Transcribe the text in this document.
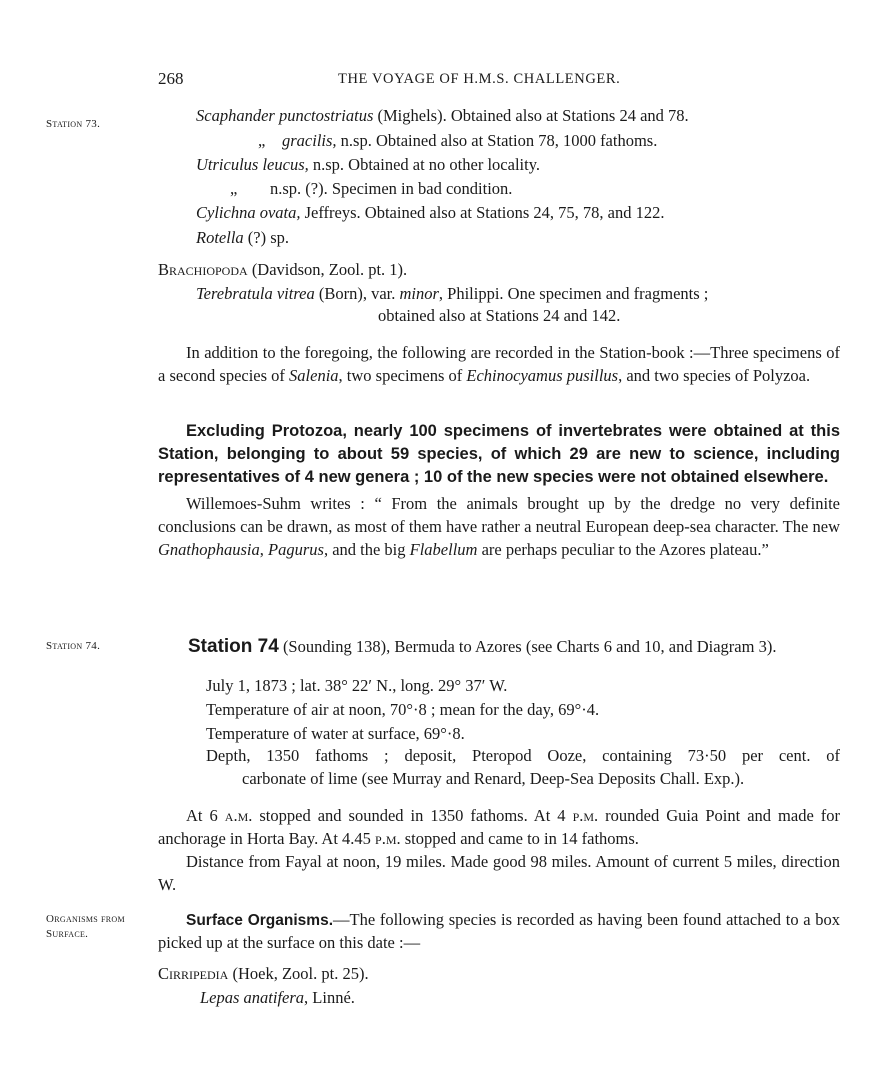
268	THE VOYAGE OF H.M.S. CHALLENGER.
Station 73.
Station 74.
Organisms from
Surface.
Scaphander punctostriatus (Mighels). Obtained also at Stations 24 and 78.
„ gracilis, n.sp. Obtained also at Station 78, 1000 fathoms.
Utriculus leucus, n.sp. Obtained at no other locality.
„ n.sp. (?). Specimen in bad condition.
Cylichna ovata, Jeffreys. Obtained also at Stations 24, 75, 78, and 122.
Rotella (?) sp.
Brachiopoda (Davidson, Zool. pt. 1).
Terebratula vitrea (Born), var. minor, Philippi. One specimen and fragments ;
obtained also at Stations 24 and 142.

In addition to the foregoing, the following are recorded in the Station-book :—Three specimens of a second species of Salenia, two specimens of Echinocyamus pusillus, and two species of Polyzoa.

Excluding Protozoa, nearly 100 specimens of invertebrates were obtained at this Station, belonging to about 59 species, of which 29 are new to science, including representatives of 4 new genera ; 10 of the new species were not obtained elsewhere.

Willemoes-Suhm writes : “ From the animals brought up by the dredge no very definite conclusions can be drawn, as most of them have rather a neutral European deep-sea character. The new Gnathophausia, Pagurus, and the big Flabellum are perhaps peculiar to the Azores plateau.”

Station 74 (Sounding 138), Bermuda to Azores (see Charts 6 and 10, and Diagram 3).
July 1, 1873 ; lat. 38° 22′ N., long. 29° 37′ W.
Temperature of air at noon, 70°·8 ; mean for the day, 69°·4.
Temperature of water at surface, 69°·8.
Depth, 1350 fathoms ; deposit, Pteropod Ooze, containing 73·50 per cent. of
carbonate of lime (see Murray and Renard, Deep-Sea Deposits Chall. Exp.).

At 6 a.m. stopped and sounded in 1350 fathoms. At 4 p.m. rounded Guia Point and made for anchorage in Horta Bay. At 4.45 p.m. stopped and came to in 14 fathoms.

Distance from Fayal at noon, 19 miles. Made good 98 miles. Amount of current 5 miles, direction W.

Surface Organisms.—The following species is recorded as having been found attached to a box picked up at the surface on this date :—

Cirripedia (Hoek, Zool. pt. 25).
Lepas anatifera, Linné.
